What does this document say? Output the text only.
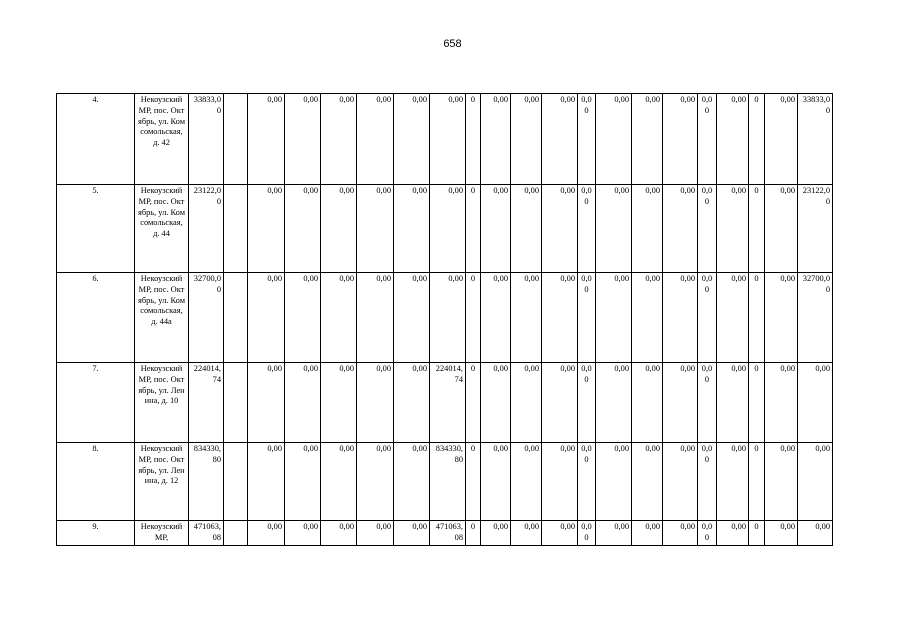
658
4.	Некоузский МР, пос. Октябрь, ул. Комсомольская, д. 42	33833,00		0,00	0,00	0,00	0,00	0,00	0,00	0	0,00	0,00	0,00	0,00	0,00	0,00	0,00	0,00	0,00	0	0,00	33833,00
5.	Некоузский МР, пос. Октябрь, ул. Комсомольская, д. 44	23122,00		0,00	0,00	0,00	0,00	0,00	0,00	0	0,00	0,00	0,00	0,00	0,00	0,00	0,00	0,00	0,00	0	0,00	23122,00
6.	Некоузский МР, пос. Октябрь, ул. Комсомольская, д. 44а	32700,00		0,00	0,00	0,00	0,00	0,00	0,00	0	0,00	0,00	0,00	0,00	0,00	0,00	0,00	0,00	0,00	0	0,00	32700,00
7.	Некоузский МР, пос. Октябрь, ул. Ленина, д. 10	224014,74		0,00	0,00	0,00	0,00	0,00	224014,74	0	0,00	0,00	0,00	0,00	0,00	0,00	0,00	0,00	0,00	0	0,00	0,00
8.	Некоузский МР, пос. Октябрь, ул. Ленина, д. 12	834330,80		0,00	0,00	0,00	0,00	0,00	834330,80	0	0,00	0,00	0,00	0,00	0,00	0,00	0,00	0,00	0,00	0	0,00	0,00
9.	Некоузский МР,	471063,08		0,00	0,00	0,00	0,00	0,00	471063,08	0	0,00	0,00	0,00	0,00	0,00	0,00	0,00	0,00	0,00	0	0,00	0,00
